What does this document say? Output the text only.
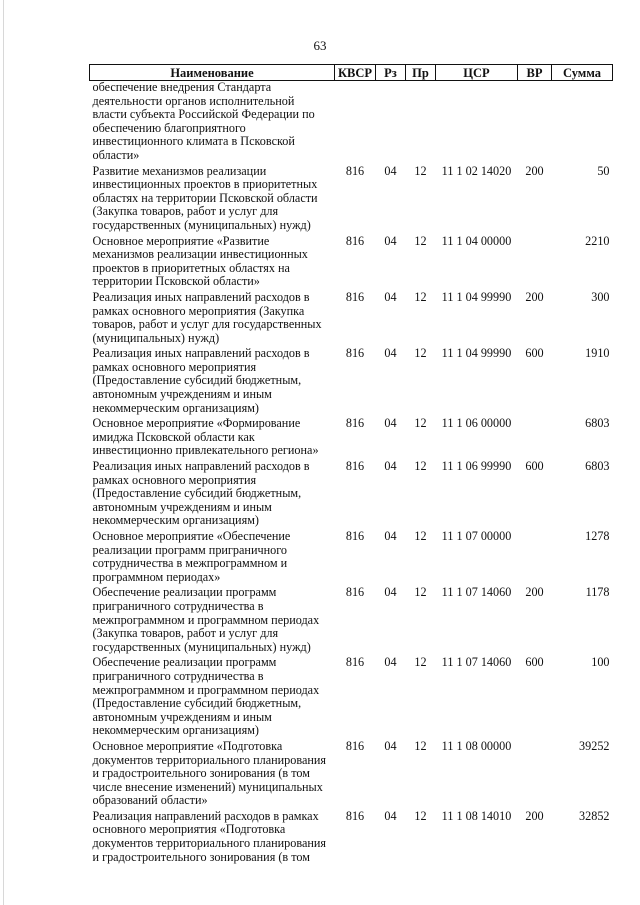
63
Наименование	КВСР	Рз	Пр	ЦСР	ВР	Сумма
обеспечение внедрения Стандарта деятельности органов исполнительной власти субъекта Российской Федерации по обеспечению благоприятного инвестиционного климата в Псковской области»						
Развитие механизмов реализации инвестиционных проектов в приоритетных областях на территории Псковской области (Закупка товаров, работ и услуг для государственных (муниципальных) нужд)	816	04	12	11 1 02 14020	200	50
Основное мероприятие «Развитие механизмов реализации инвестиционных проектов в приоритетных областях на территории Псковской области»	816	04	12	11 1 04 00000		2210
Реализация иных направлений расходов в рамках основного мероприятия (Закупка товаров, работ и услуг для государственных (муниципальных) нужд)	816	04	12	11 1 04 99990	200	300
Реализация иных направлений расходов в рамках основного мероприятия (Предоставление субсидий бюджетным, автономным учреждениям и иным некоммерческим организациям)	816	04	12	11 1 04 99990	600	1910
Основное мероприятие «Формирование имиджа Псковской области как инвестиционно привлекательного региона»	816	04	12	11 1 06 00000		6803
Реализация иных направлений расходов в рамках основного мероприятия (Предоставление субсидий бюджетным, автономным учреждениям и иным некоммерческим организациям)	816	04	12	11 1 06 99990	600	6803
Основное мероприятие «Обеспечение реализации программ приграничного сотрудничества в межпрограммном и программном периодах»	816	04	12	11 1 07 00000		1278
Обеспечение реализации программ приграничного сотрудничества в межпрограммном и программном периодах (Закупка товаров, работ и услуг для государственных (муниципальных) нужд)	816	04	12	11 1 07 14060	200	1178
Обеспечение реализации программ приграничного сотрудничества в межпрограммном и программном периодах (Предоставление субсидий бюджетным, автономным учреждениям и иным некоммерческим организациям)	816	04	12	11 1 07 14060	600	100
Основное мероприятие «Подготовка документов территориального планирования и градостроительного зонирования (в том числе внесение изменений) муниципальных образований области»	816	04	12	11 1 08 00000		39252
Реализация направлений расходов в рамках основного мероприятия «Подготовка документов территориального планирования и градостроительного зонирования (в том	816	04	12	11 1 08 14010	200	32852
